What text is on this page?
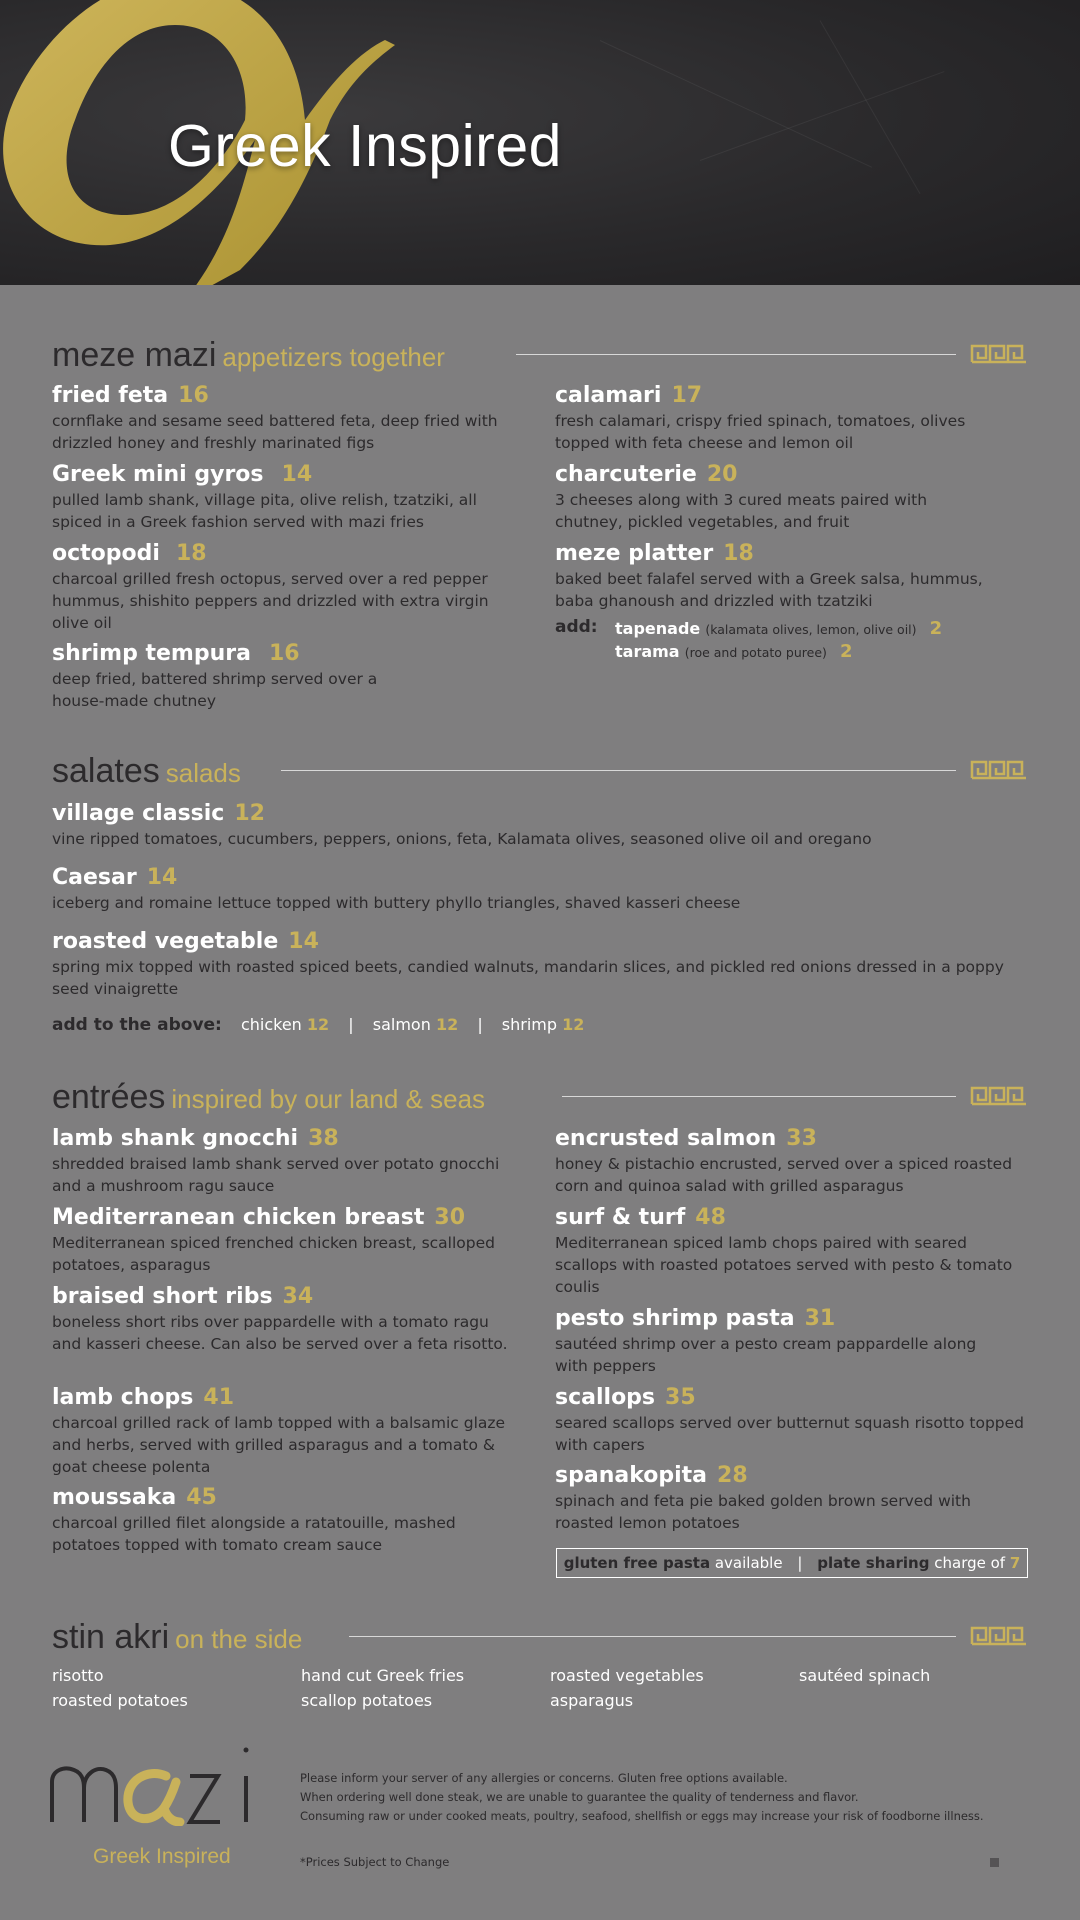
Greek Inspired
meze mazi appetizers together
fried feta 16
cornflake and sesame seed battered feta, deep fried with drizzled honey and freshly marinated figs
Greek mini gyros 14
pulled lamb shank, village pita, olive relish, tzatziki, all spiced in a Greek fashion served with mazi fries
octopodi 18
charcoal grilled fresh octopus, served over a red pepper hummus, shishito peppers and drizzled with extra virgin olive oil
shrimp tempura 16
deep fried, battered shrimp served over a house-made chutney
calamari 17
fresh calamari, crispy fried spinach, tomatoes, olives topped with feta cheese and lemon oil
charcuterie 20
3 cheeses along with 3 cured meats paired with chutney, pickled vegetables, and fruit
meze platter 18
baked beet falafel served with a Greek salsa, hummus, baba ghanoush and drizzled with tzatziki
add: tapenade (kalamata olives, lemon, olive oil) 2
tarama (roe and potato puree) 2
salates salads
village classic 12
vine ripped tomatoes, cucumbers, peppers, onions, feta, Kalamata olives, seasoned olive oil and oregano
Caesar 14
iceberg and romaine lettuce topped with buttery phyllo triangles, shaved kasseri cheese
roasted vegetable 14
spring mix topped with roasted spiced beets, candied walnuts, mandarin slices, and pickled red onions dressed in a poppy seed vinaigrette
add to the above: chicken 12 | salmon 12 | shrimp 12
entrées inspired by our land & seas
lamb shank gnocchi 38
shredded braised lamb shank served over potato gnocchi and a mushroom ragu sauce
Mediterranean chicken breast 30
Mediterranean spiced frenched chicken breast, scalloped potatoes, asparagus
braised short ribs 34
boneless short ribs over pappardelle with a tomato ragu and kasseri cheese. Can also be served over a feta risotto.
lamb chops 41
charcoal grilled rack of lamb topped with a balsamic glaze and herbs, served with grilled asparagus and a tomato & goat cheese polenta
moussaka 45
charcoal grilled filet alongside a ratatouille, mashed potatoes topped with tomato cream sauce
encrusted salmon 33
honey & pistachio encrusted, served over a spiced roasted corn and quinoa salad with grilled asparagus
surf & turf 48
Mediterranean spiced lamb chops paired with seared scallops with roasted potatoes served with pesto & tomato coulis
pesto shrimp pasta 31
sautéed shrimp over a pesto cream pappardelle along with peppers
scallops 35
seared scallops served over butternut squash risotto topped with capers
spanakopita 28
spinach and feta pie baked golden brown served with roasted lemon potatoes
gluten free pasta available | plate sharing charge of 7
stin akri on the side
risotto	hand cut Greek fries	roasted vegetables	sautéed spinach
roasted potatoes	scallop potatoes	asparagus
Greek Inspired
Please inform your server of any allergies or concerns. Gluten free options available.
When ordering well done steak, we are unable to guarantee the quality of tenderness and flavor.
Consuming raw or under cooked meats, poultry, seafood, shellfish or eggs may increase your risk of foodborne illness.
*Prices Subject to Change
